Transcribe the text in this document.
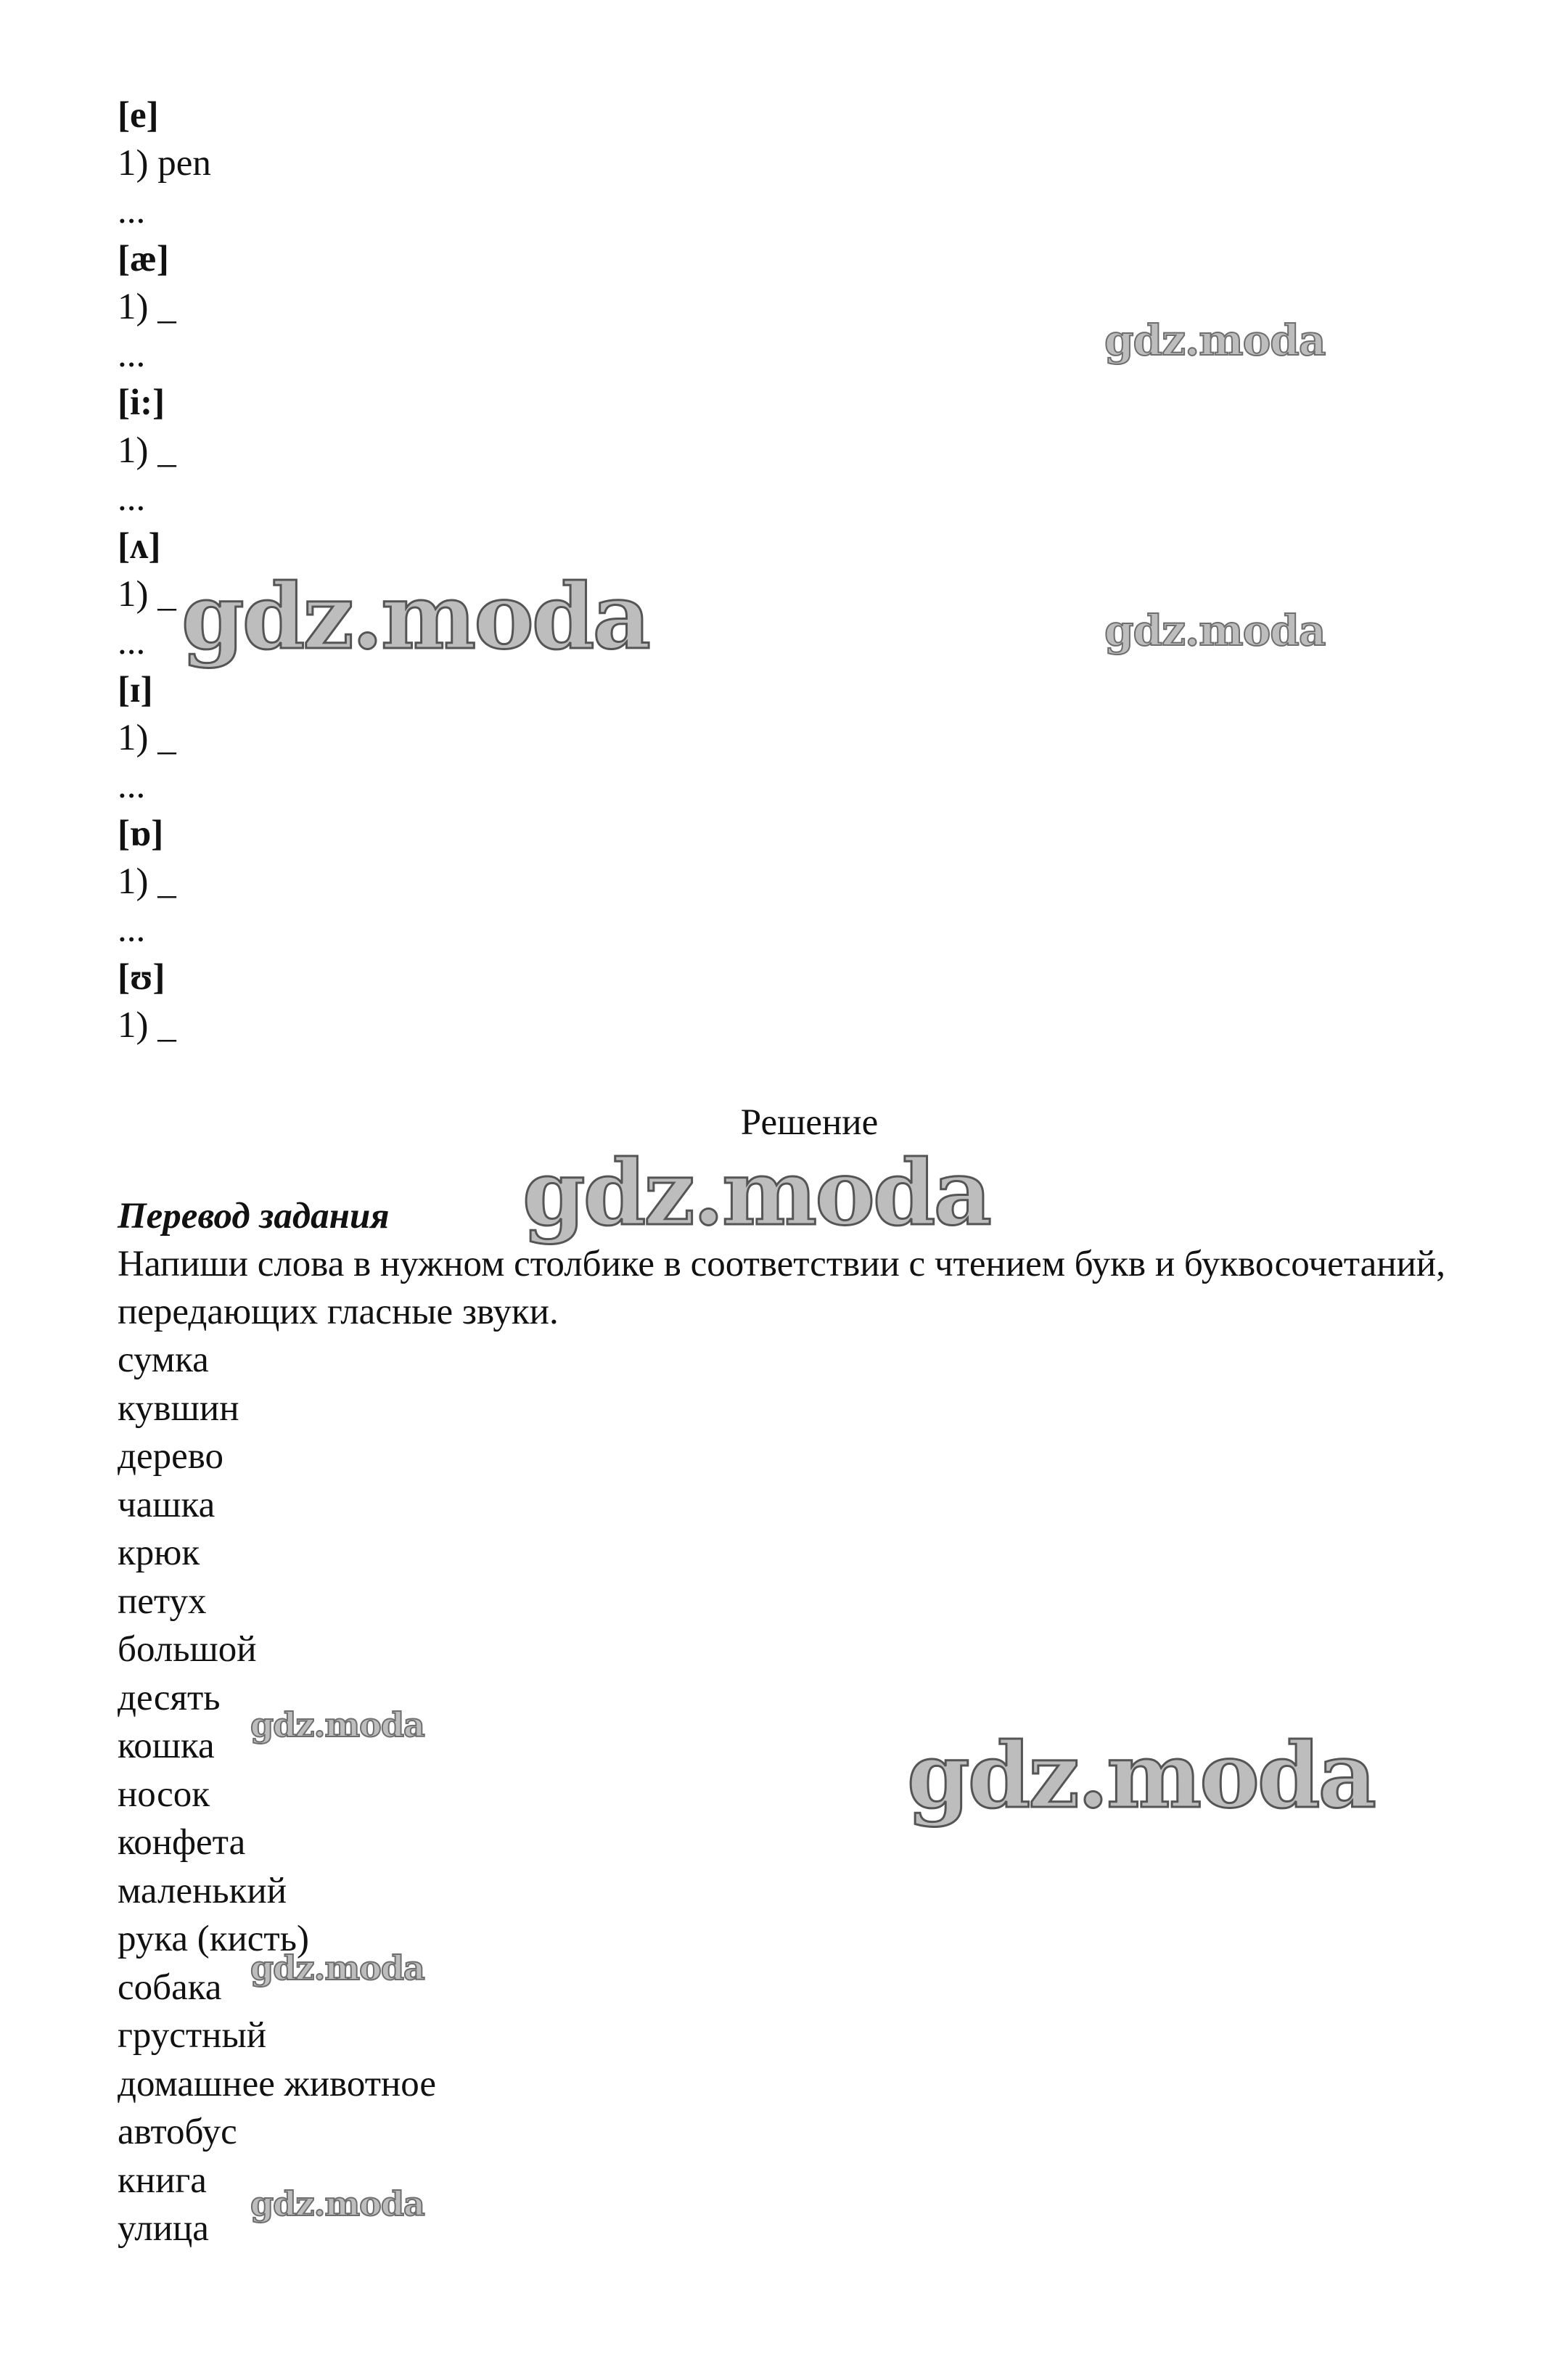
[e]
1) pen
...
[æ]
1) _
...
[i:]
1) _
...
[ʌ]
1) _
...
[ɪ]
1) _
...
[ɒ]
1) _
...
[ʊ]
1) _
Решение
Перевод задания
Напиши слова в нужном столбике в соответствии с чтением букв и буквосочетаний, передающих гласные звуки.
сумка
кувшин
дерево
чашка
крюк
петух
большой
десять
кошка
носок
конфета
маленький
рука (кисть)
собака
грустный
домашнее животное
автобус
книга
улица
gdz.moda
gdz.moda	gdz.moda
gdz.moda
gdz.moda	gdz.moda
gdz.moda
gdz.moda
